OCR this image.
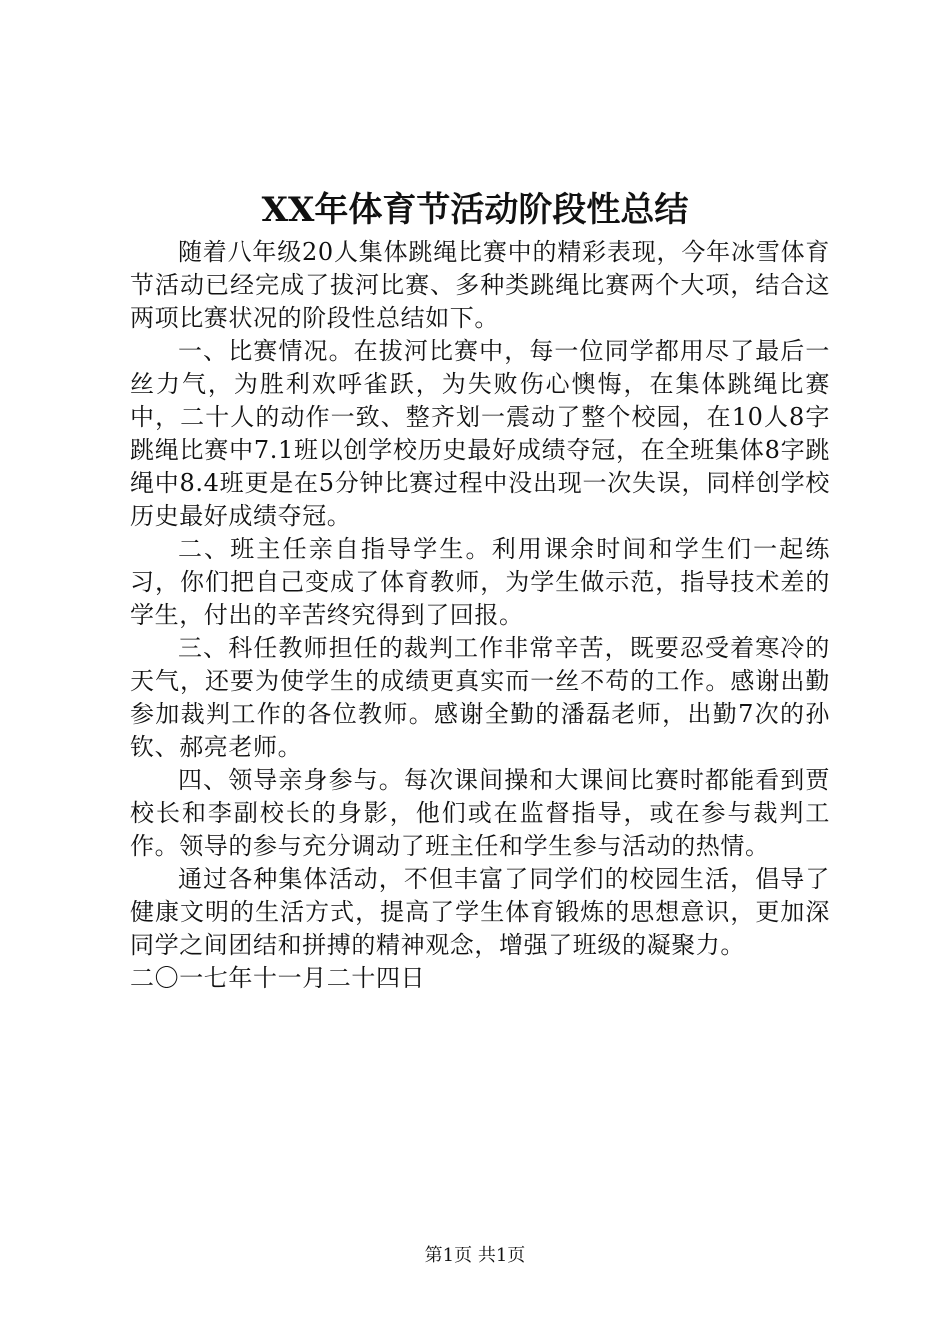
XX年体育节活动阶段性总结

随着八年级20人集体跳绳比赛中的精彩表现，今年冰雪体育节活动已经完成了拔河比赛、多种类跳绳比赛两个大项，结合这两项比赛状况的阶段性总结如下。

一、比赛情况。在拔河比赛中，每一位同学都用尽了最后一丝力气，为胜利欢呼雀跃，为失败伤心懊悔，在集体跳绳比赛中，二十人的动作一致、整齐划一震动了整个校园，在10人8字跳绳比赛中7.1班以创学校历史最好成绩夺冠，在全班集体8字跳绳中8.4班更是在5分钟比赛过程中没出现一次失误，同样创学校历史最好成绩夺冠。

二、班主任亲自指导学生。利用课余时间和学生们一起练习，你们把自己变成了体育教师，为学生做示范，指导技术差的学生，付出的辛苦终究得到了回报。

三、科任教师担任的裁判工作非常辛苦，既要忍受着寒冷的天气，还要为使学生的成绩更真实而一丝不苟的工作。感谢出勤参加裁判工作的各位教师。感谢全勤的潘磊老师，出勤7次的孙钦、郝亮老师。

四、领导亲身参与。每次课间操和大课间比赛时都能看到贾校长和李副校长的身影，他们或在监督指导，或在参与裁判工作。领导的参与充分调动了班主任和学生参与活动的热情。

通过各种集体活动，不但丰富了同学们的校园生活，倡导了健康文明的生活方式，提高了学生体育锻炼的思想意识，更加深同学之间团结和拼搏的精神观念，增强了班级的凝聚力。

二〇一七年十一月二十四日

第1页 共1页
